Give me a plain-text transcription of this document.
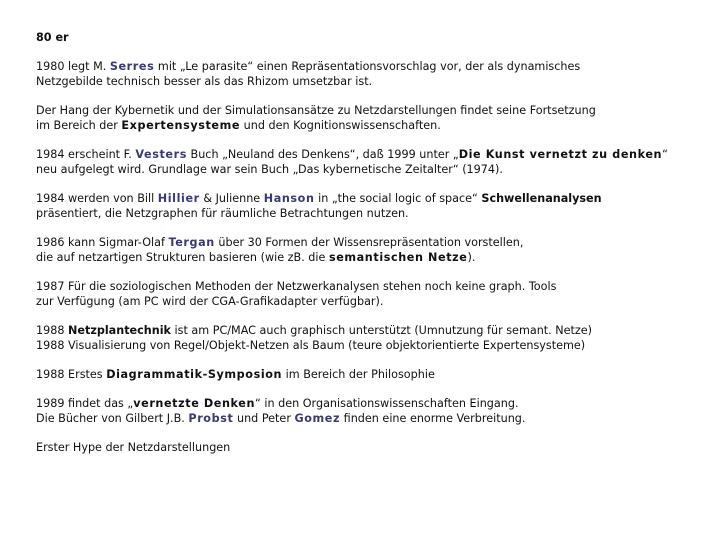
80 er
1980 legt M. Serres mit „Le parasite“ einen Repräsentationsvorschlag vor, der als dynamisches
Netzgebilde technisch besser als das Rhizom umsetzbar ist.
Der Hang der Kybernetik und der Simulationsansätze zu Netzdarstellungen findet seine Fortsetzung
im Bereich der Expertensysteme und den Kognitionswissenschaften.
1984 erscheint F. Vesters Buch „Neuland des Denkens“, daß 1999 unter „Die Kunst vernetzt zu denken“
neu aufgelegt wird. Grundlage war sein Buch „Das kybernetische Zeitalter“ (1974).
1984 werden von Bill Hillier & Julienne Hanson in „the social logic of space“ Schwellenanalysen
präsentiert, die Netzgraphen für räumliche Betrachtungen nutzen.
1986 kann Sigmar-Olaf Tergan über 30 Formen der Wissensrepräsentation vorstellen,
die auf netzartigen Strukturen basieren (wie zB. die semantischen Netze).
1987 Für die soziologischen Methoden der Netzwerkanalysen stehen noch keine graph. Tools
zur Verfügung (am PC wird der CGA-Grafikadapter verfügbar).
1988 Netzplantechnik ist am PC/MAC auch graphisch unterstützt (Umnutzung für semant. Netze)
1988 Visualisierung von Regel/Objekt-Netzen als Baum (teure objektorientierte Expertensysteme)
1988 Erstes Diagrammatik-Symposion im Bereich der Philosophie
1989 findet das „vernetzte Denken“ in den Organisationswissenschaften Eingang.
Die Bücher von Gilbert J.B. Probst und Peter Gomez finden eine enorme Verbreitung.
Erster Hype der Netzdarstellungen
